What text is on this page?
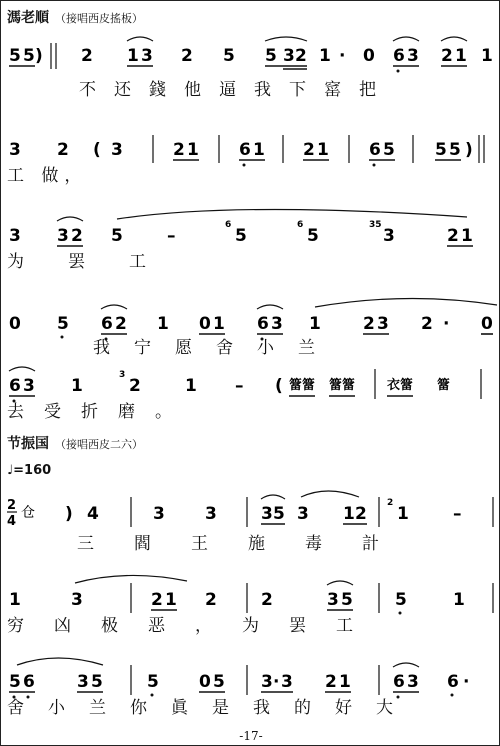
溤老順 （接唱西皮搖板）
5 5 ) 2 1 3 2 5 5 3 2 1 · 0 6 3 2 1 1
不还錢他逼我下窰把
3 2 ( 3	2 1 6 1 2 1 6 5 5 5 )
工 做，
3 3 2 5	–
6
5
6
5
35
3	2 1
为罢工
0 5 6 2 1 0 1 6 3 1 2 3 2 · 0
我宁愿舍小兰
6 3 1
3
2	1 – ( 簹簹 簹簹 衣簹 簹
去受折磨。
节振国 （接唱西皮二六）
♩=160
2
4
仓 ) 4	3 3	3 5 3 1 2
2
1	–
三閻王施毒計
1	3	2 1 2	2	3 5 5	1
穷凶极恶，为罢工
5 6 3 5	5 0 5 3 · 3 2 1 6 3 6 ·
舍小兰你眞是我的好大
-17-
